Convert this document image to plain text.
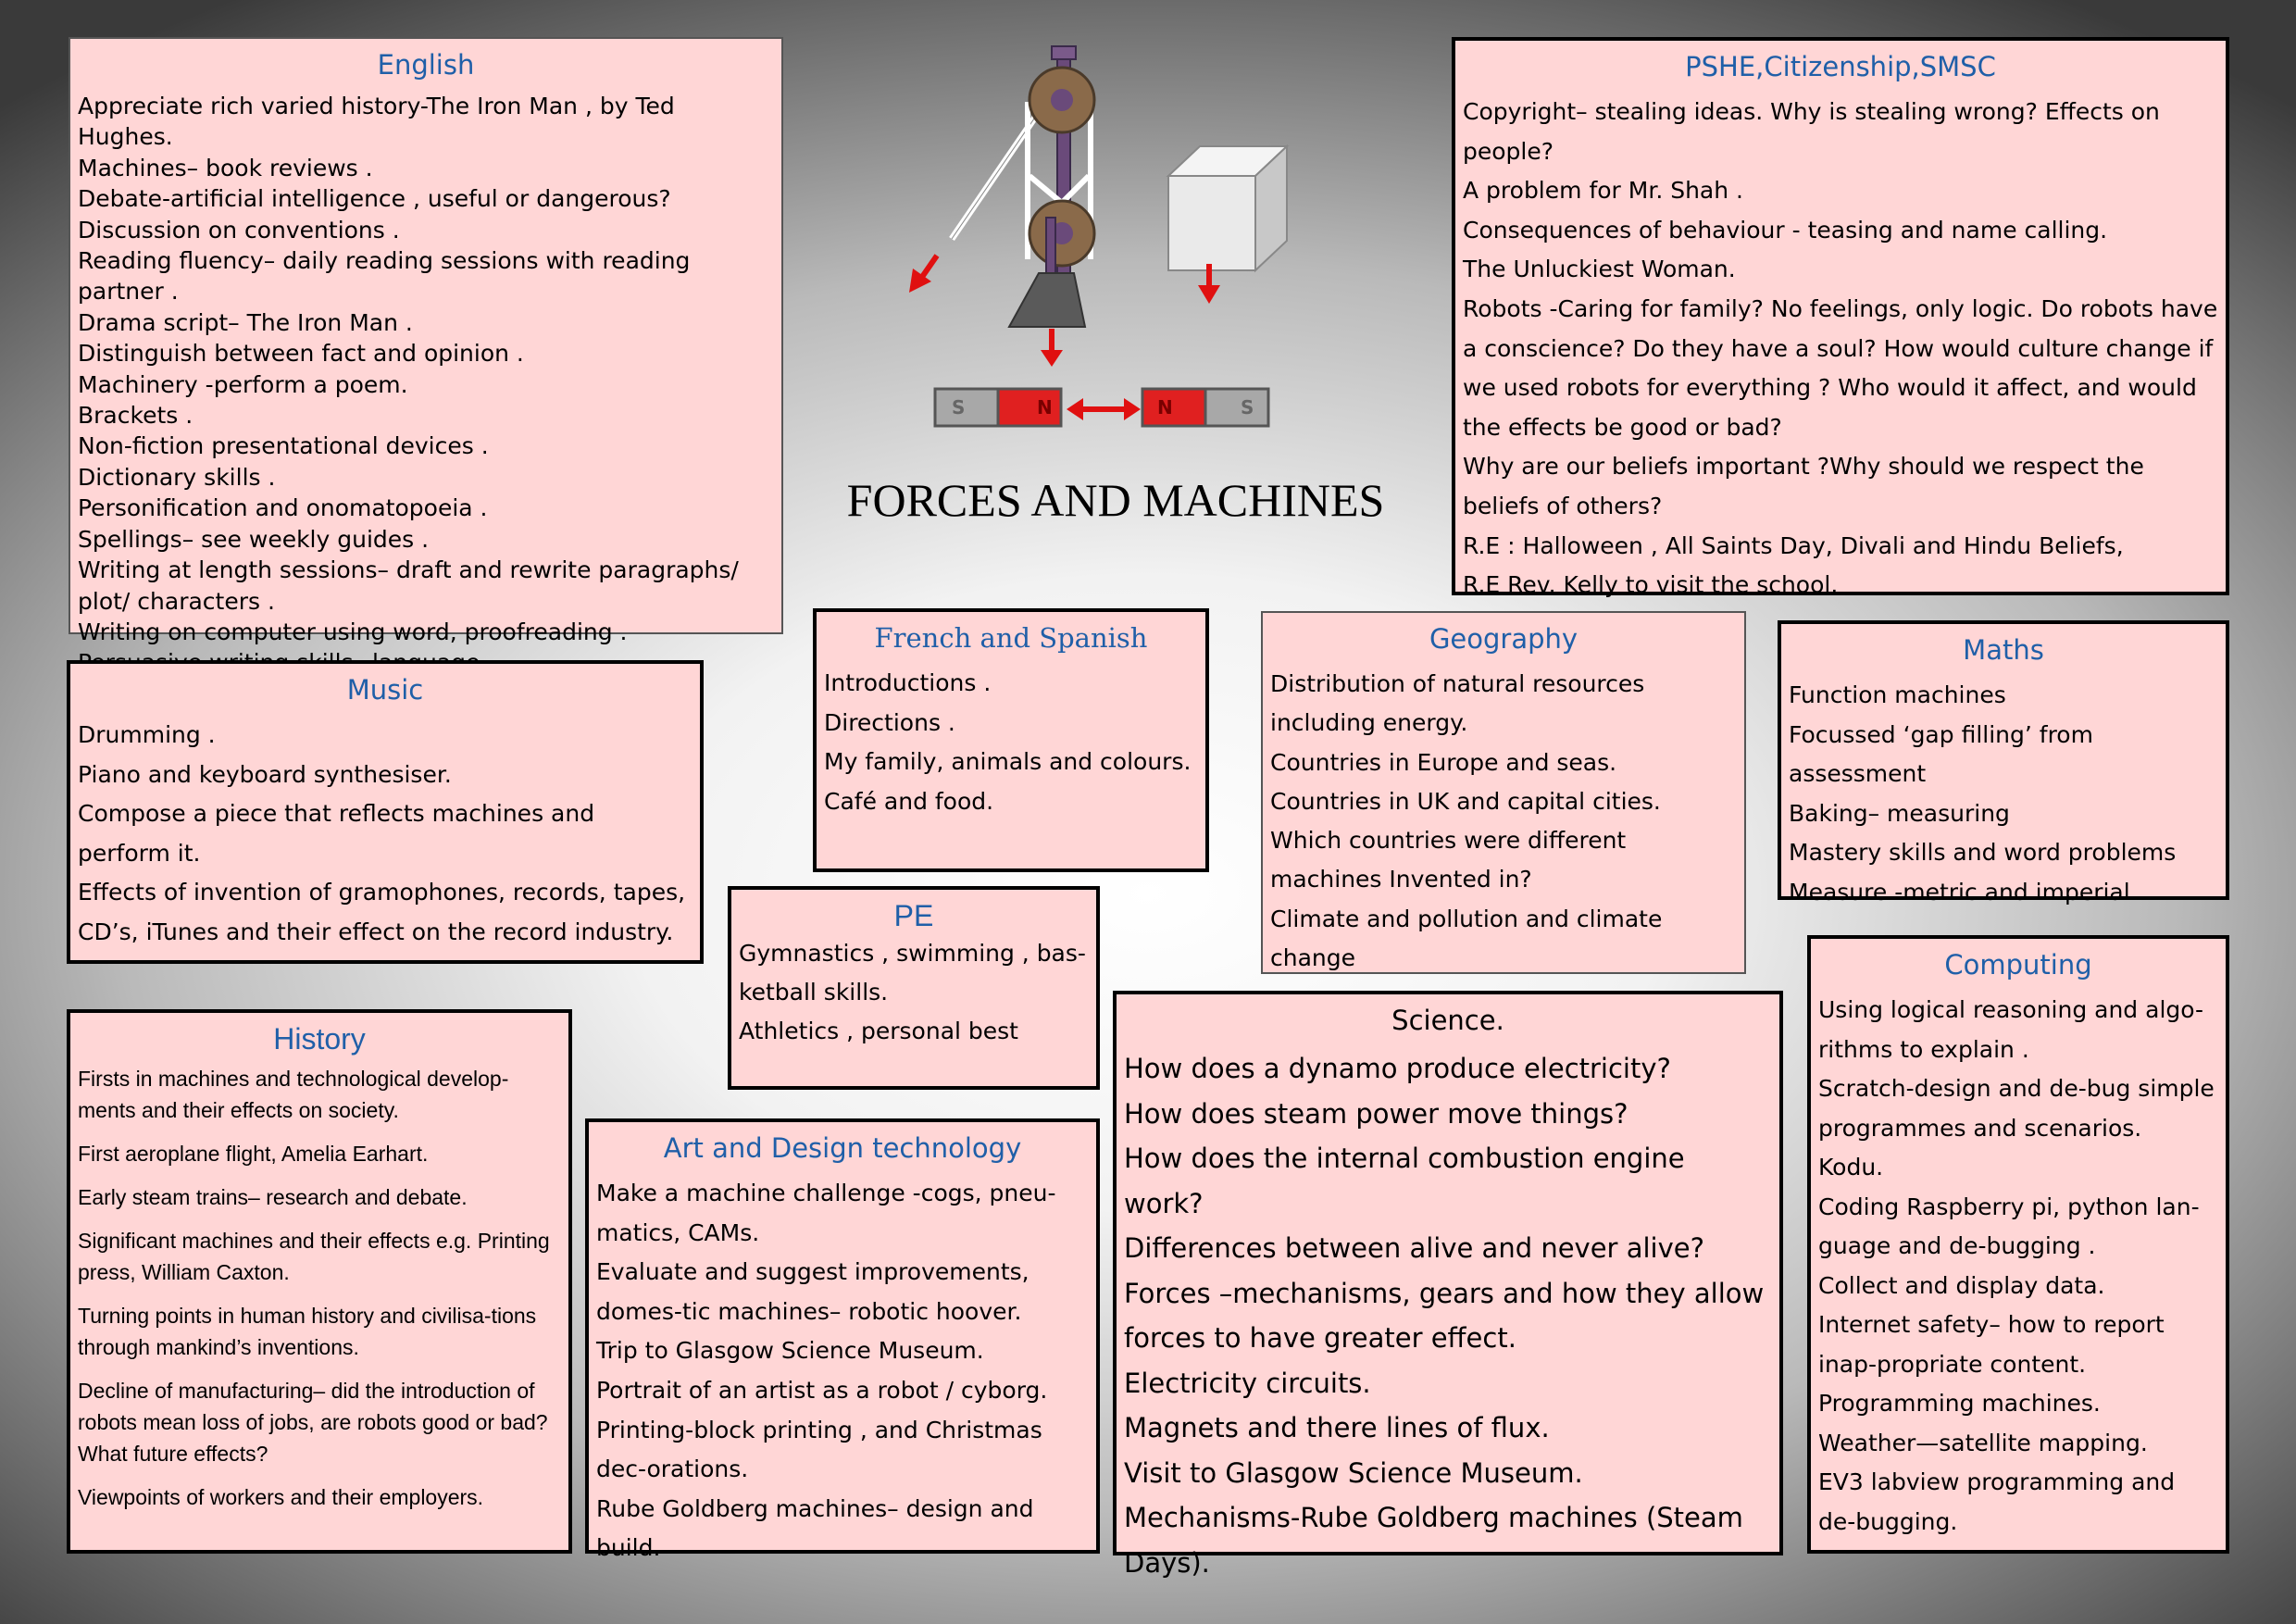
S	N	N	S
FORCES AND MACHINES
English
Appreciate rich varied history-The Iron Man , by Ted Hughes.
Machines– book reviews .
Debate-artificial intelligence , useful or dangerous?
Discussion on conventions .
Reading fluency– daily reading sessions with reading partner .
Drama script– The Iron Man .
Distinguish between fact and opinion .
Machinery -perform a poem.
Brackets .
Non-fiction presentational devices .
Dictionary skills .
Personification and onomatopoeia .
Spellings– see weekly guides .
Writing at length sessions– draft and rewrite paragraphs/ plot/ characters .
Writing on computer using word, proofreading .
PSHE,Citizenship,SMSC
Copyright– stealing ideas. Why is stealing wrong? Effects on people?
A problem for Mr. Shah .
Consequences of behaviour - teasing and name calling.
The Unluckiest Woman.
Robots -Caring for family? No feelings, only logic. Do robots have a conscience? Do they have a soul? How would culture change if we used robots for everything ? Who would it affect, and would the effects be good or bad?
Why are our beliefs important ?Why should we respect the beliefs of others?
R.E : Halloween , All Saints Day, Divali and Hindu Beliefs,
R.E Rev. Kelly to visit the school.
Music
Drumming .
Piano and keyboard synthesiser.
Compose a piece that reflects machines and perform it.
Effects of invention of gramophones, records, tapes, CD’s, iTunes and their effect on the record industry.
French and Spanish
Introductions .
Directions .
My family, animals and colours.
Café and food.
Geography
Distribution of natural resources including energy.
Countries in Europe and seas.
Countries in UK and capital cities.
Which countries were different machines Invented in?
Climate and pollution and climate change
Maths
Function machines
Focussed ‘gap filling’ from assessment
Baking– measuring
Mastery skills and word problems
Measure -metric and imperial
PE
Gymnastics , swimming , bas-ketball skills.
Athletics , personal best
History
Firsts in machines and technological develop-ments and their effects on society.
First aeroplane flight, Amelia Earhart.
Early steam trains– research and debate.
Significant machines and their effects e.g. Printing press, William Caxton.
Turning points in human history and civilisa-tions through mankind’s inventions.
Decline of manufacturing– did the introduction of robots mean loss of jobs, are robots good or bad? What future effects?
Viewpoints of workers and their employers.
Art and Design technology
Make a machine challenge -cogs, pneu-matics, CAMs.
Evaluate and suggest improvements, domes-tic machines– robotic hoover.
Trip to Glasgow Science Museum.
Portrait of an artist as a robot / cyborg.
Printing-block printing , and Christmas dec-orations.
Rube Goldberg machines– design and build.
Science.
How does a dynamo produce electricity?
How does steam power move things?
How does the internal combustion engine work?
Differences between alive and never alive?
Forces –mechanisms, gears and how they allow forces to have greater effect.
Electricity circuits.
Magnets and there lines of flux.
Visit to Glasgow Science Museum.
Mechanisms-Rube Goldberg machines (Steam Days).
Computing
Using logical reasoning and algo-rithms to explain .
Scratch-design and de-bug simple programmes and scenarios.
Kodu.
Coding Raspberry pi, python lan-guage and de-bugging .
Collect and display data.
Internet safety– how to report inap-propriate content.
Programming machines.
Weather—satellite mapping.
EV3 labview programming and de-bugging.
